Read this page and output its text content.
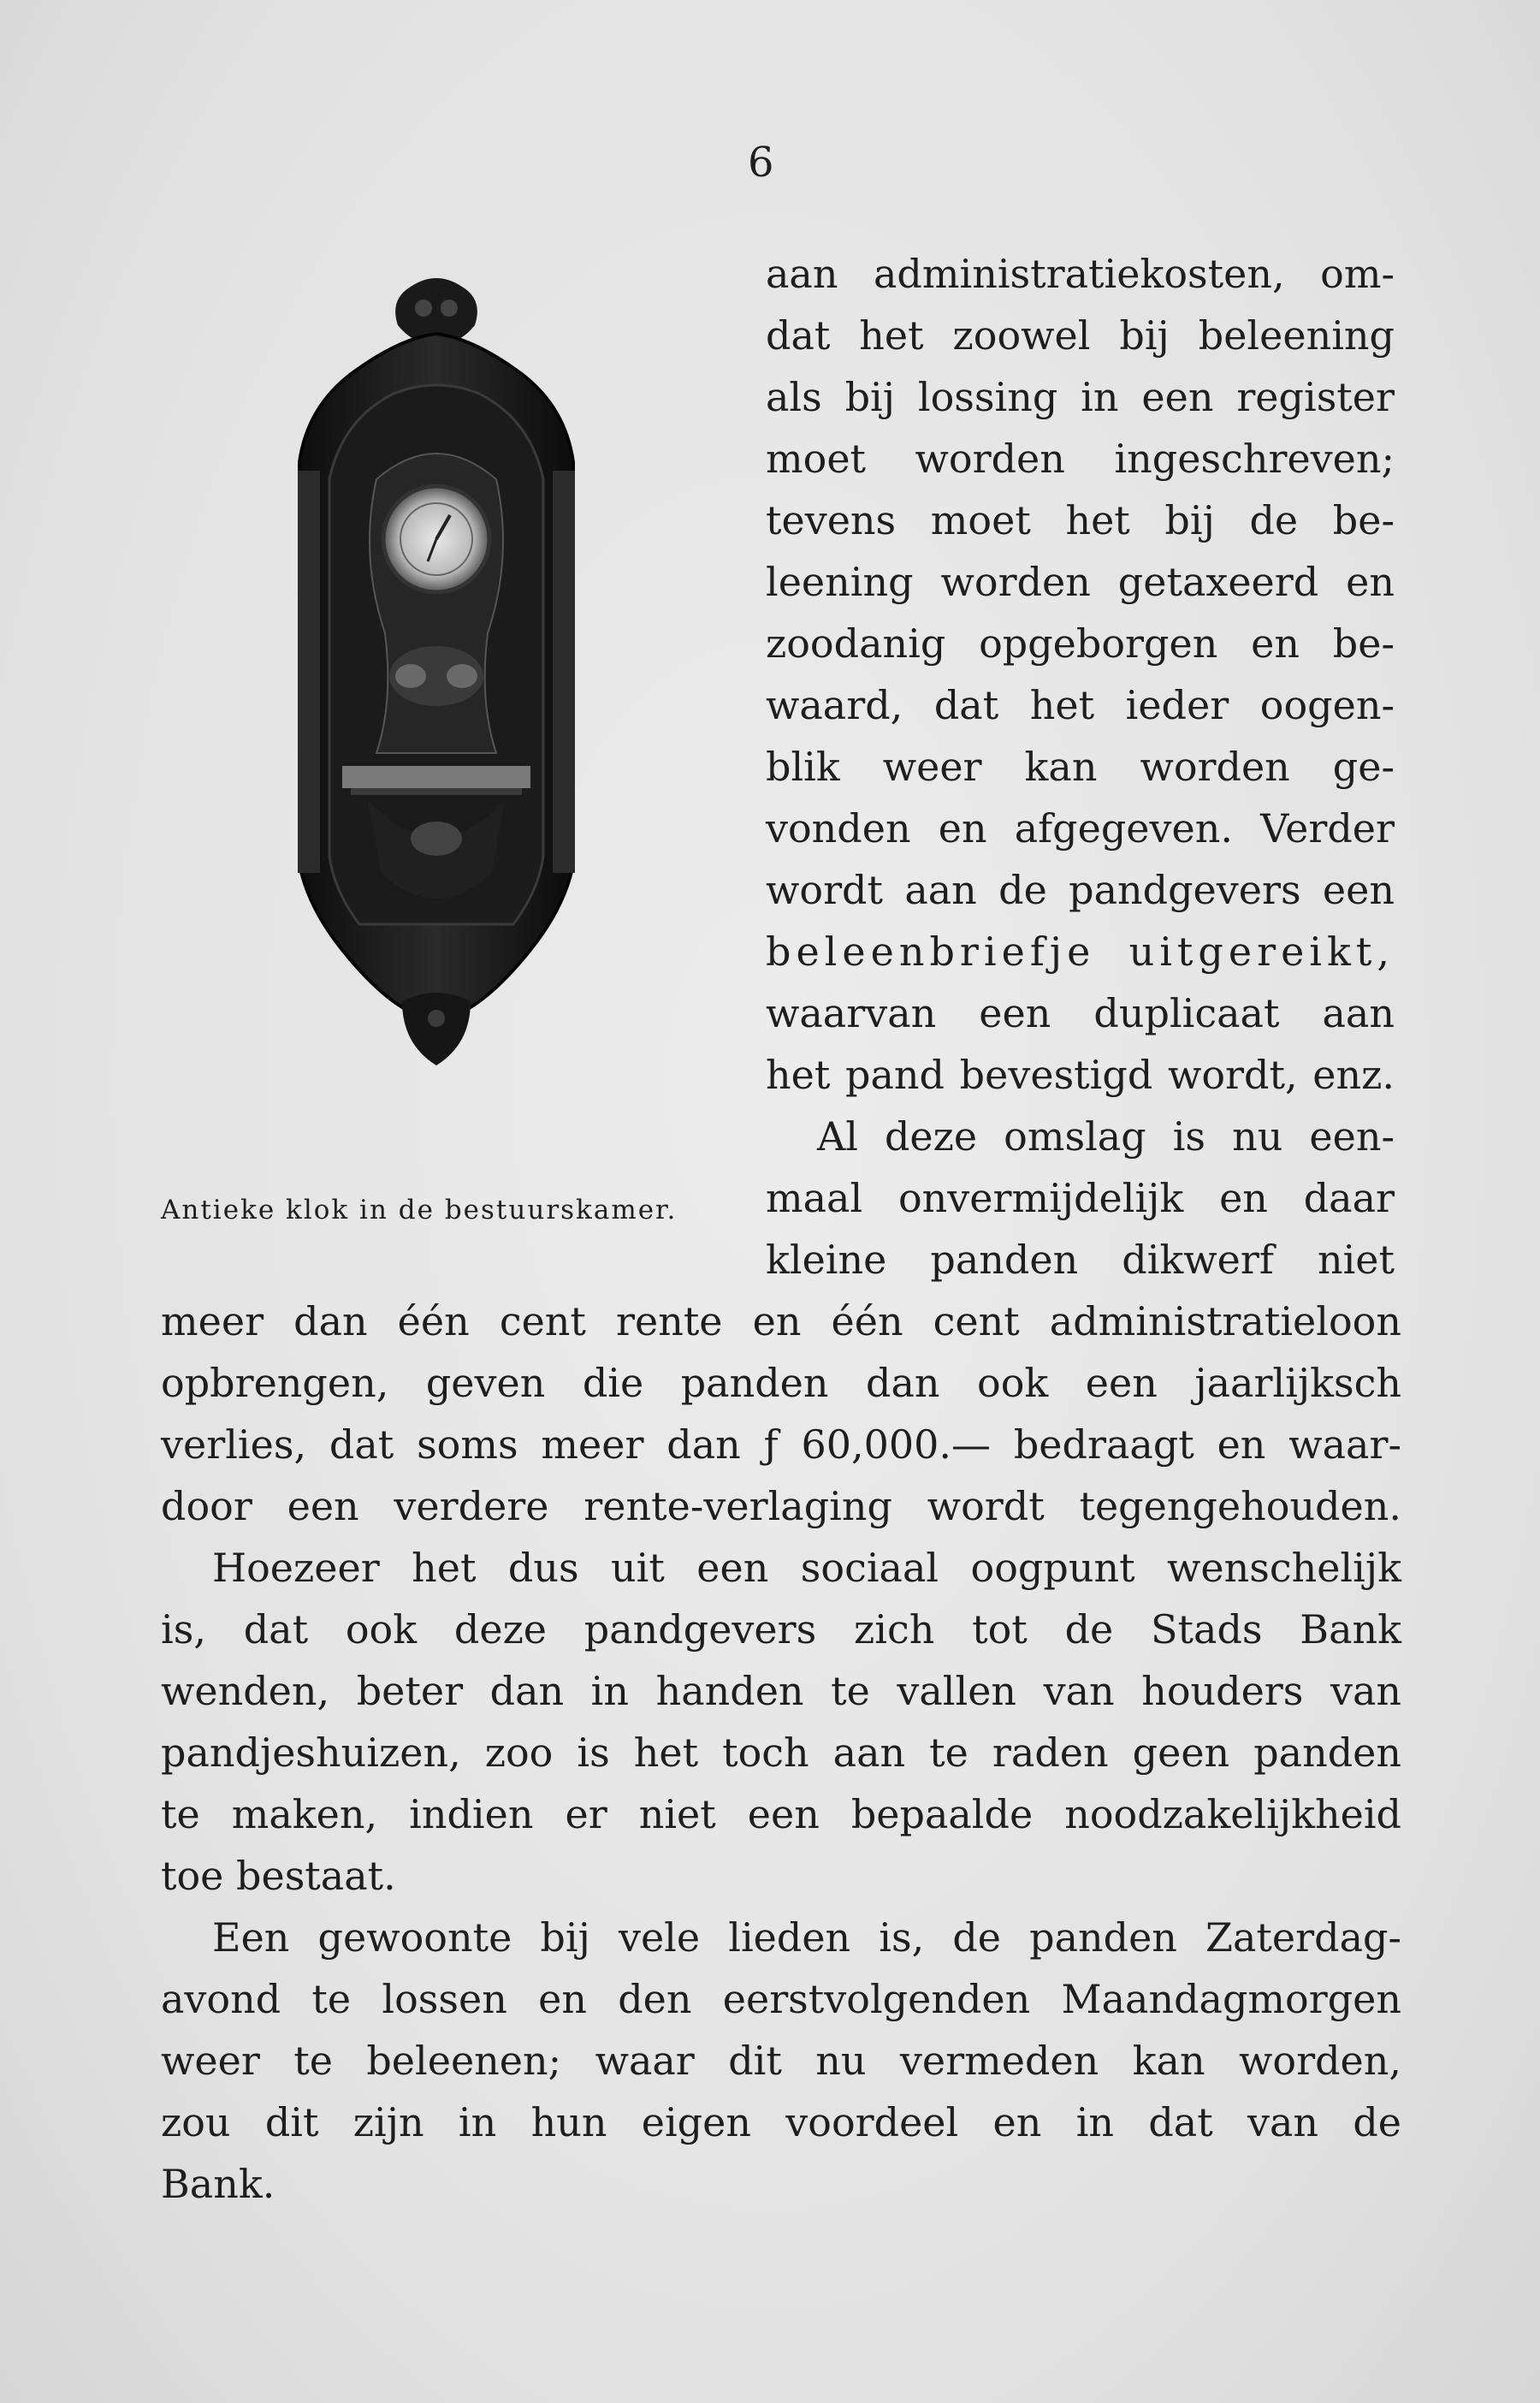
6
Antieke klok in de bestuurskamer.
aan administratiekosten, om-
dat het zoowel bij beleening
als bij lossing in een register
moet worden ingeschreven;
tevens moet het bij de be-
leening worden getaxeerd en
zoodanig opgeborgen en be-
waard, dat het ieder oogen-
blik weer kan worden ge-
vonden en afgegeven. Verder
wordt aan de pandgevers een
beleenbriefje uitgereikt,
waarvan een duplicaat aan
het pand bevestigd wordt, enz.
Al deze omslag is nu een-
maal onvermijdelijk en daar
kleine panden dikwerf niet
meer dan één cent rente en één cent administratieloon
opbrengen, geven die panden dan ook een jaarlijksch
verlies, dat soms meer dan ƒ 60,000.— bedraagt en waar-
door een verdere rente-verlaging wordt tegengehouden.
Hoezeer het dus uit een sociaal oogpunt wenschelijk
is, dat ook deze pandgevers zich tot de Stads Bank
wenden, beter dan in handen te vallen van houders van
pandjeshuizen, zoo is het toch aan te raden geen panden
te maken, indien er niet een bepaalde noodzakelijkheid
toe bestaat.
Een gewoonte bij vele lieden is, de panden Zaterdag-
avond te lossen en den eerstvolgenden Maandagmorgen
weer te beleenen; waar dit nu vermeden kan worden,
zou dit zijn in hun eigen voordeel en in dat van de
Bank.
